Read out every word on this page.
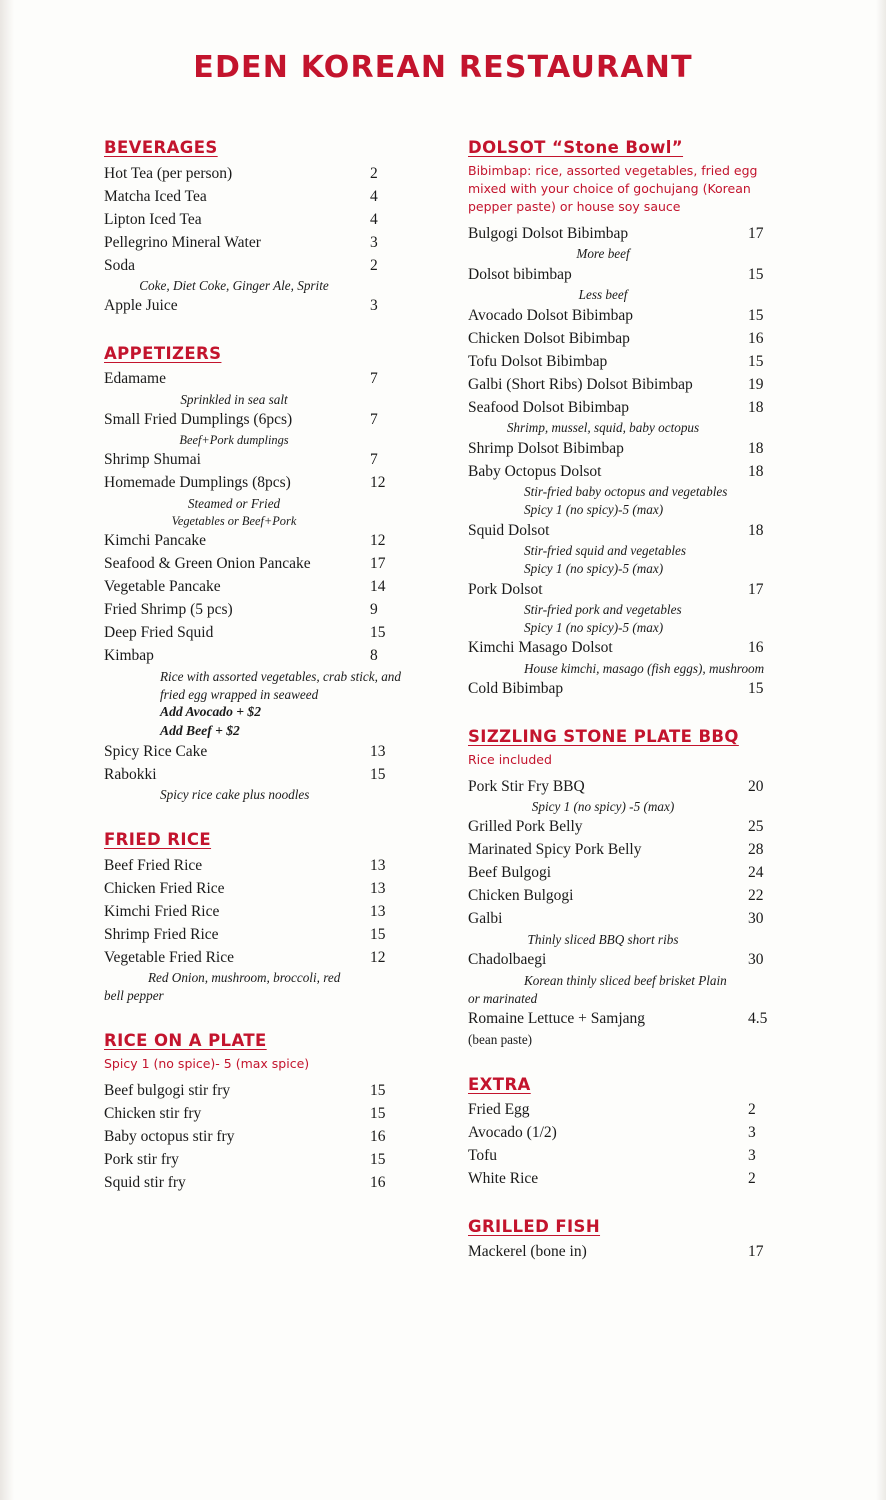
EDEN KOREAN RESTAURANT
BEVERAGES
Hot Tea (per person)	2
Matcha Iced Tea	4
Lipton Iced Tea	4
Pellegrino Mineral Water	3
Soda	2
Coke, Diet Coke, Ginger Ale, Sprite
Apple Juice	3
APPETIZERS
Edamame	7
Sprinkled in sea salt
Small Fried Dumplings (6pcs)	7
Beef+Pork dumplings
Shrimp Shumai	7
Homemade Dumplings (8pcs)	12
Steamed or Fried
Vegetables or Beef+Pork
Kimchi Pancake	12
Seafood & Green Onion Pancake	17
Vegetable Pancake	14
Fried Shrimp (5 pcs)	9
Deep Fried Squid	15
Kimbap	8
Rice with assorted vegetables, crab stick, and fried egg wrapped in seaweed
Add Avocado + $2
Add Beef + $2
Spicy Rice Cake	13
Rabokki	15
Spicy rice cake plus noodles
FRIED RICE
Beef Fried Rice	13
Chicken Fried Rice	13
Kimchi Fried Rice	13
Shrimp Fried Rice	15
Vegetable Fried Rice	12
Red Onion, mushroom, broccoli, red
bell pepper
RICE ON A PLATE
Spicy 1 (no spice)- 5 (max spice)
Beef bulgogi stir fry	15
Chicken stir fry	15
Baby octopus stir fry	16
Pork stir fry	15
Squid stir fry	16
DOLSOT “Stone Bowl”
Bibimbap: rice, assorted vegetables, fried egg mixed with your choice of gochujang (Korean pepper paste) or house soy sauce
Bulgogi Dolsot Bibimbap	17
More beef
Dolsot bibimbap	15
Less beef
Avocado Dolsot Bibimbap	15
Chicken Dolsot Bibimbap	16
Tofu Dolsot Bibimbap	15
Galbi (Short Ribs) Dolsot Bibimbap	19
Seafood Dolsot Bibimbap	18
Shrimp, mussel, squid, baby octopus
Shrimp Dolsot Bibimbap	18
Baby Octopus Dolsot	18
Stir-fried baby octopus and vegetables
Spicy 1 (no spicy)-5 (max)
Squid Dolsot	18
Stir-fried squid and vegetables
Spicy 1 (no spicy)-5 (max)
Pork Dolsot	17
Stir-fried pork and vegetables
Spicy 1 (no spicy)-5 (max)
Kimchi Masago Dolsot	16
House kimchi, masago (fish eggs), mushroom
Cold Bibimbap	15
SIZZLING STONE PLATE BBQ
Rice included
Pork Stir Fry BBQ	20
Spicy 1 (no spicy) -5 (max)
Grilled Pork Belly	25
Marinated Spicy Pork Belly	28
Beef Bulgogi	24
Chicken Bulgogi	22
Galbi	30
Thinly sliced BBQ short ribs
Chadolbaegi	30
Korean thinly sliced beef brisket Plain
or marinated
Romaine Lettuce + Samjang	4.5
(bean paste)
EXTRA
Fried Egg	2
Avocado (1/2)	3
Tofu	3
White Rice	2
GRILLED FISH
Mackerel (bone in)	17
